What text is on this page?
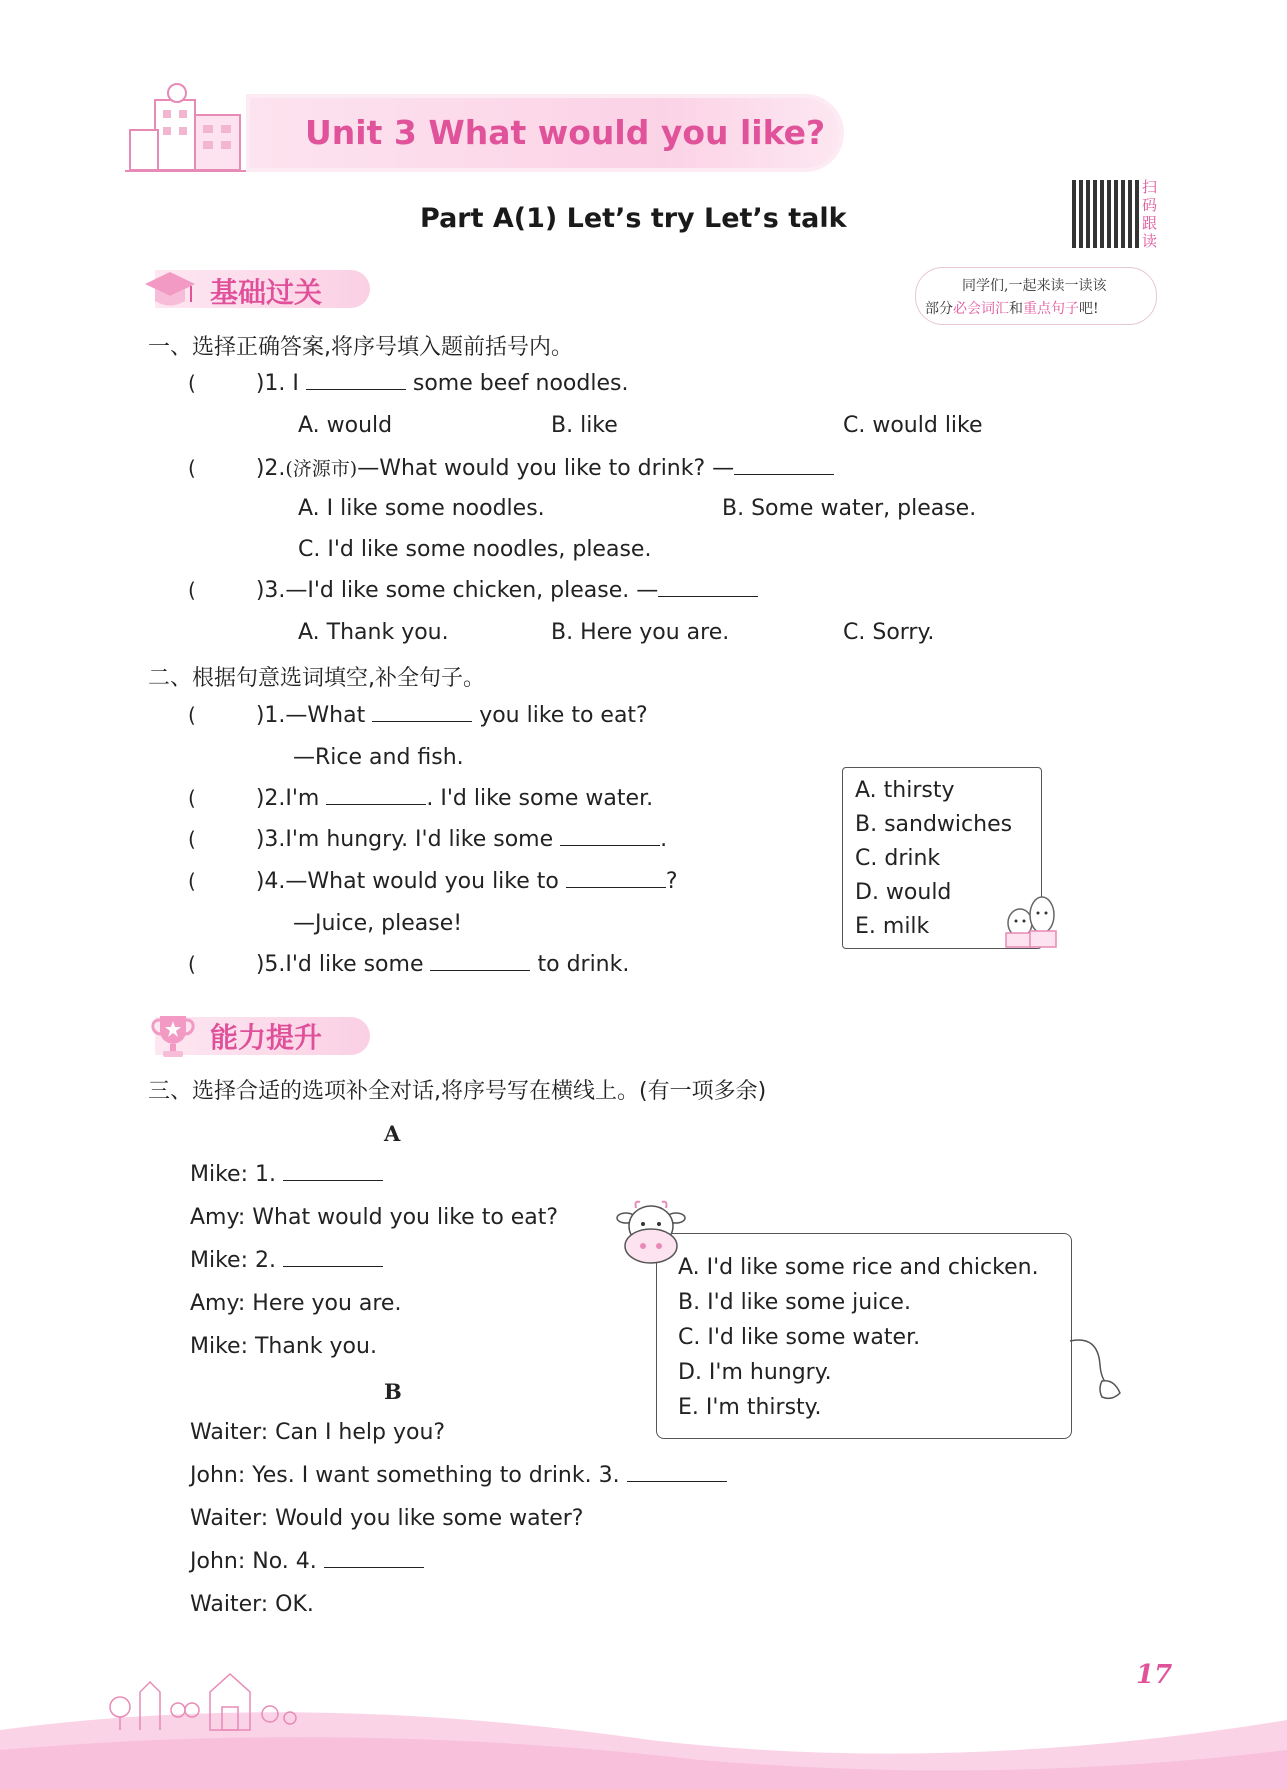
Unit 3 What would you like?
Part A(1) Let’s try Let’s talk
扫码跟读
同学们,一起来读一读该
部分必会词汇和重点句子吧!
基础过关
一、选择正确答案,将序号填入题前括号内。
(	)1. I	some beef noodles.
A. would	B. like	C. would like
(	)2.(济源市)—What would you like to drink? —
A. I like some noodles.	B. Some water, please.
C. I'd like some noodles, please.
(	)3.—I'd like some chicken, please. —
A. Thank you.	B. Here you are.	C. Sorry.
二、根据句意选词填空,补全句子。
(	)1.—What	you like to eat?
—Rice and fish.
(	)2.I'm	. I'd like some water.
(	)3.I'm hungry. I'd like some	.
(	)4.—What would you like to	?
—Juice, please!
(	)5.I'd like some	to drink.
A. thirsty
B. sandwiches
C. drink
D. would
E. milk
能力提升
三、选择合适的选项补全对话,将序号写在横线上。(有一项多余)
A
Mike: 1.
Amy: What would you like to eat?
Mike: 2.
Amy: Here you are.
Mike: Thank you.
B
Waiter: Can I help you?
John: Yes. I want something to drink. 3.
Waiter: Would you like some water?
John: No. 4.
Waiter: OK.
A. I'd like some rice and chicken.
B. I'd like some juice.
C. I'd like some water.
D. I'm hungry.
E. I'm thirsty.
17
